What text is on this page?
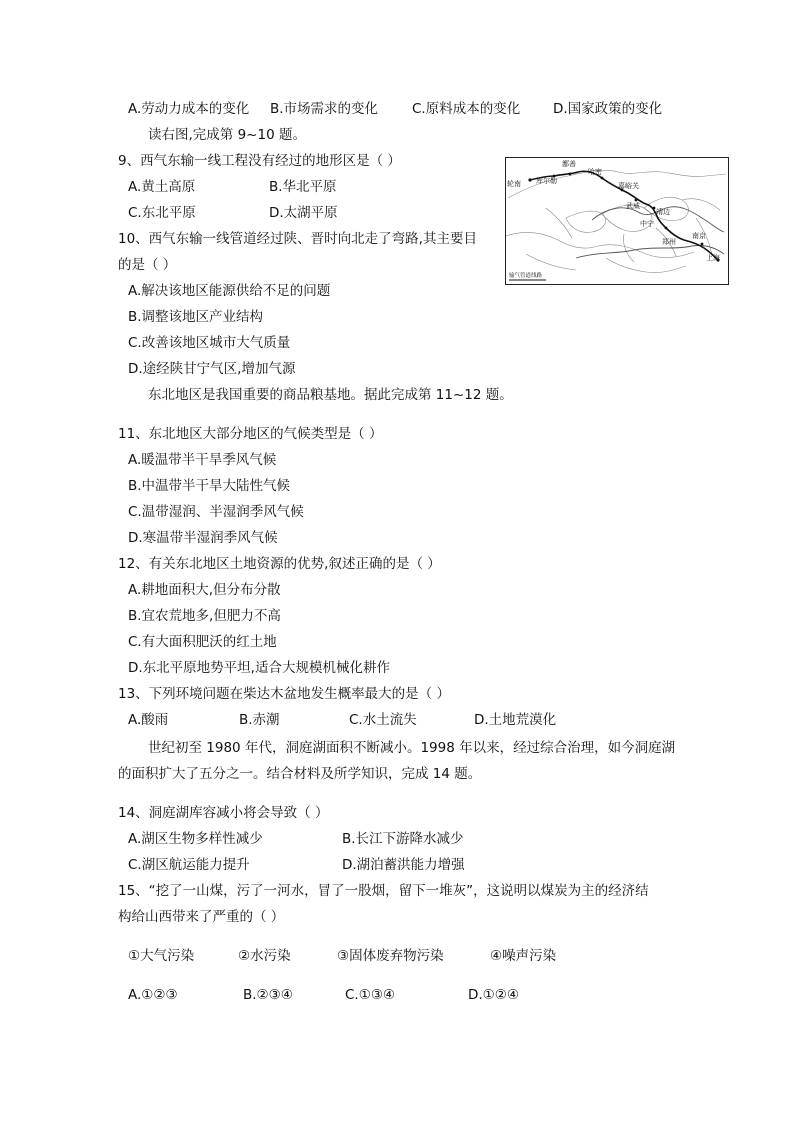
A.劳动力成本的变化 B.市场需求的变化	C.原料成本的变化 D.国家政策的变化
读右图,完成第 9~10 题。
9、西气东输一线工程没有经过的地形区是（ ）
A.黄土高原	B.华北平原
C.东北平原	D.太湖平原
10、西气东输一线管道经过陕、晋时向北走了弯路,其主要目
的是（ ）
A.解决该地区能源供给不足的问题
B.调整该地区产业结构
C.改善该地区城市大气质量
D.途经陕甘宁气区,增加气源
东北地区是我国重要的商品粮基地。据此完成第 11~12 题。
11、东北地区大部分地区的气候类型是（ ）
A.暖温带半干旱季风气候
B.中温带半干旱大陆性气候
C.温带湿润、半湿润季风气候
D.寒温带半湿润季风气候
12、有关东北地区土地资源的优势,叙述正确的是（ ）
A.耕地面积大,但分布分散
B.宜农荒地多,但肥力不高
C.有大面积肥沃的红土地
D.东北平原地势平坦,适合大规模机械化耕作
13、下列环境问题在柴达木盆地发生概率最大的是（ ）
A.酸雨	B.赤潮	C.水土流失	D.土地荒漠化
世纪初至 1980 年代，洞庭湖面积不断减小。1998 年以来，经过综合治理，如今洞庭湖
的面积扩大了五分之一。结合材料及所学知识，完成 14 题。
14、洞庭湖库容减小将会导致（ ）
A.湖区生物多样性减少	B.长江下游降水减少
C.湖区航运能力提升	D.湖泊蓄洪能力增强
15、“挖了一山煤，污了一河水，冒了一股烟，留下一堆灰”，这说明以煤炭为主的经济结
构给山西带来了严重的（ ）
①大气污染	②水污染	③固体废弃物污染	④噪声污染
A.①②③	B.②③④	C.①③④	D.①②④
轮南 库尔勒
鄯善
哈密
嘉峪关
武威
靖边
中宁
郑州
南京
上海
输气管道线路
